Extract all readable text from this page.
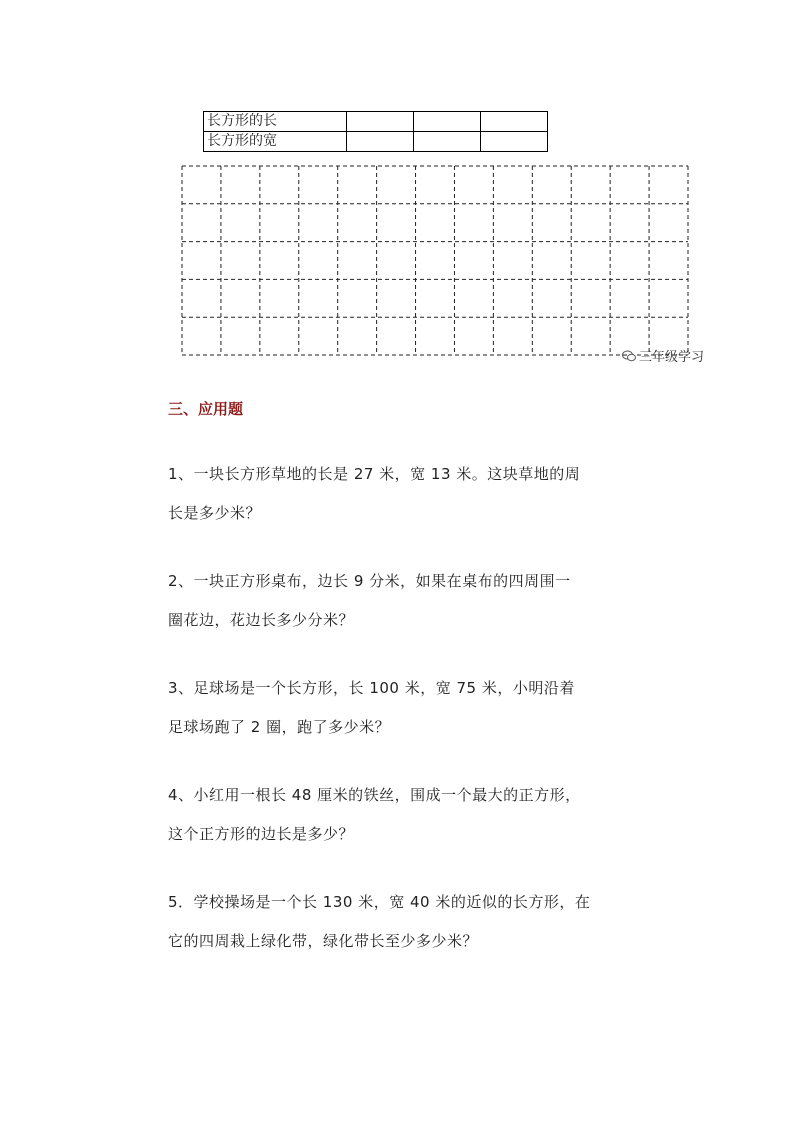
长方形的长			
长方形的宽			
三年级学习
三、应用题
1、一块长方形草地的长是 27 米，宽 13 米。这块草地的周
长是多少米？
2、一块正方形桌布，边长 9 分米，如果在桌布的四周围一
圈花边，花边长多少分米？
3、足球场是一个长方形，长 100 米，宽 75 米，小明沿着
足球场跑了 2 圈，跑了多少米？
4、小红用一根长 48 厘米的铁丝，围成一个最大的正方形，
这个正方形的边长是多少？
5．学校操场是一个长 130 米，宽 40 米的近似的长方形，在
它的四周栽上绿化带，绿化带长至少多少米？
